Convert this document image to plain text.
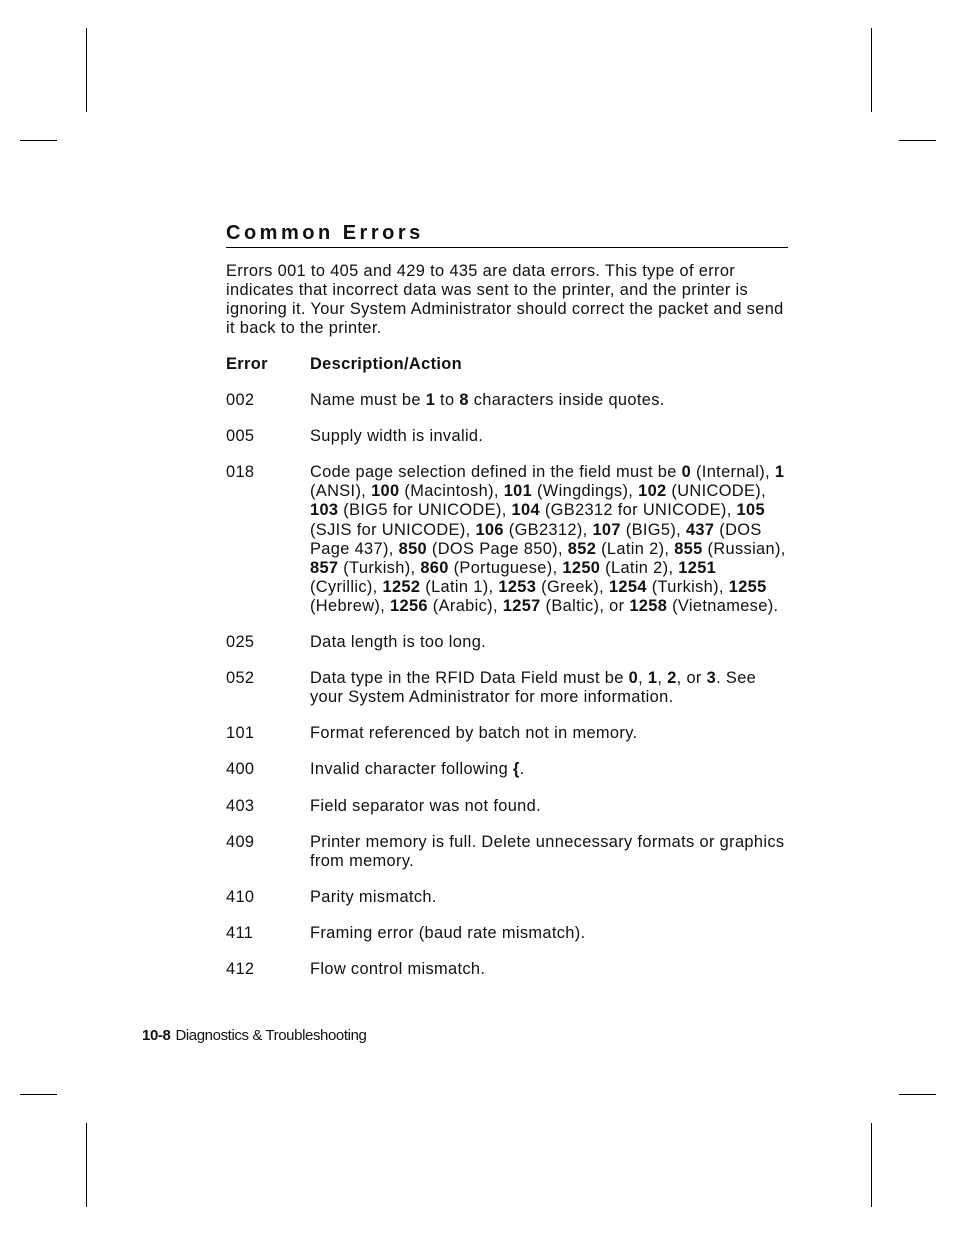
Common Errors
Errors 001 to 405 and 429 to 435 are data errors. This type of error indicates that incorrect data was sent to the printer, and the printer is ignoring it. Your System Administrator should correct the packet and send it back to the printer.
Error	Description/Action
002	Name must be 1 to 8 characters inside quotes.
005	Supply width is invalid.
018	Code page selection defined in the field must be 0 (Internal), 1 (ANSI), 100 (Macintosh), 101 (Wingdings), 102 (UNICODE), 103 (BIG5 for UNICODE), 104 (GB2312 for UNICODE), 105 (SJIS for UNICODE), 106 (GB2312), 107 (BIG5), 437 (DOS Page 437), 850 (DOS Page 850), 852 (Latin 2), 855 (Russian), 857 (Turkish), 860 (Portuguese), 1250 (Latin 2), 1251 (Cyrillic), 1252 (Latin 1), 1253 (Greek), 1254 (Turkish), 1255 (Hebrew), 1256 (Arabic), 1257 (Baltic), or 1258 (Vietnamese).
025	Data length is too long.
052	Data type in the RFID Data Field must be 0, 1, 2, or 3. See your System Administrator for more information.
101	Format referenced by batch not in memory.
400	Invalid character following {.
403	Field separator was not found.
409	Printer memory is full. Delete unnecessary formats or graphics from memory.
410	Parity mismatch.
411	Framing error (baud rate mismatch).
412	Flow control mismatch.
10-8 Diagnostics & Troubleshooting
